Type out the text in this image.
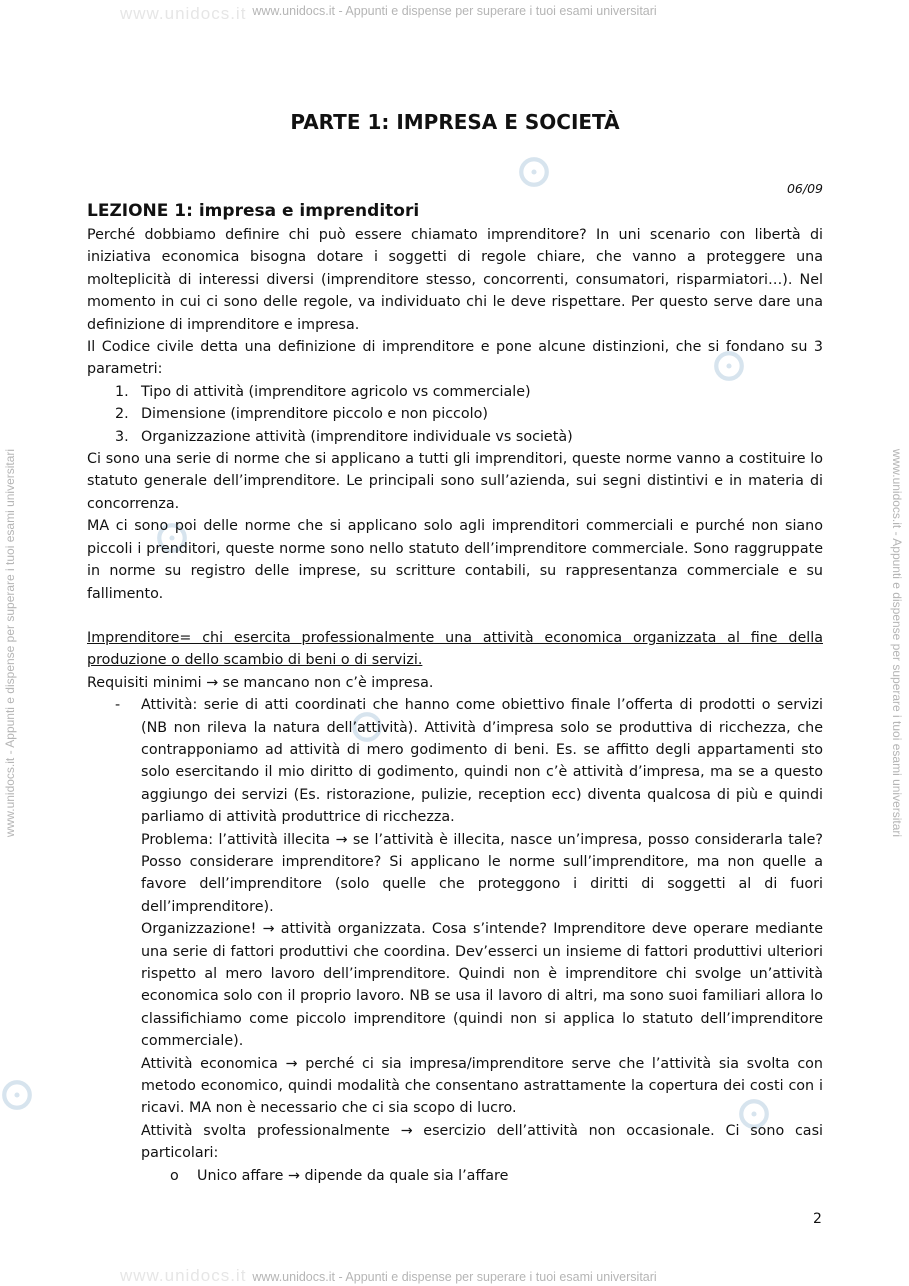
www.unidocs.it - Appunti e dispense per superare i tuoi esami universitari
www.unidocs.it - Appunti e dispense per superare i tuoi esami universitari
www.unidocs.it - Appunti e dispense per superare i tuoi esami universitari	www.unidocs.it - Appunti e dispense per superare i tuoi esami universitari
www.unidocs.it
www.unidocs.it
PARTE 1: IMPRESA E SOCIETÀ
06/09
LEZIONE 1: impresa e imprenditori

Perché dobbiamo definire chi può essere chiamato imprenditore? In uni scenario con libertà di iniziativa economica bisogna dotare i soggetti di regole chiare, che vanno a proteggere una molteplicità di interessi diversi (imprenditore stesso, concorrenti, consumatori, risparmiatori…). Nel momento in cui ci sono delle regole, va individuato chi le deve rispettare. Per questo serve dare una definizione di imprenditore e impresa.

Il Codice civile detta una definizione di imprenditore e pone alcune distinzioni, che si fondano su 3 parametri:

1. Tipo di attività (imprenditore agricolo vs commerciale)
2. Dimensione (imprenditore piccolo e non piccolo)
3. Organizzazione attività (imprenditore individuale vs società)

Ci sono una serie di norme che si applicano a tutti gli imprenditori, queste norme vanno a costituire lo statuto generale dell’imprenditore. Le principali sono sull’azienda, sui segni distintivi e in materia di concorrenza.

MA ci sono poi delle norme che si applicano solo agli imprenditori commerciali e purché non siano piccoli i prenditori, queste norme sono nello statuto dell’imprenditore commerciale. Sono raggruppate in norme su registro delle imprese, su scritture contabili, su rappresentanza commerciale e su fallimento.

Imprenditore= chi esercita professionalmente una attività economica organizzata al fine della produzione o dello scambio di beni o di servizi.

Requisiti minimi → se mancano non c’è impresa.

- Attività: serie di atti coordinati che hanno come obiettivo finale l’offerta di prodotti o servizi (NB non rileva la natura dell’attività). Attività d’impresa solo se produttiva di ricchezza, che contrapponiamo ad attività di mero godimento di beni. Es. se affitto degli appartamenti sto solo esercitando il mio diritto di godimento, quindi non c’è attività d’impresa, ma se a questo aggiungo dei servizi (Es. ristorazione, pulizie, reception ecc) diventa qualcosa di più e quindi parliamo di attività produttrice di ricchezza.

Problema: l’attività illecita → se l’attività è illecita, nasce un’impresa, posso considerarla tale? Posso considerare imprenditore? Si applicano le norme sull’imprenditore, ma non quelle a favore dell’imprenditore (solo quelle che proteggono i diritti di soggetti al di fuori dell’imprenditore).

Organizzazione! → attività organizzata. Cosa s’intende? Imprenditore deve operare mediante una serie di fattori produttivi che coordina. Dev’esserci un insieme di fattori produttivi ulteriori rispetto al mero lavoro dell’imprenditore. Quindi non è imprenditore chi svolge un’attività economica solo con il proprio lavoro. NB se usa il lavoro di altri, ma sono suoi familiari allora lo classifichiamo come piccolo imprenditore (quindi non si applica lo statuto dell’imprenditore commerciale).

Attività economica → perché ci sia impresa/imprenditore serve che l’attività sia svolta con metodo economico, quindi modalità che consentano astrattamente la copertura dei costi con i ricavi. MA non è necessario che ci sia scopo di lucro.

Attività svolta professionalmente → esercizio dell’attività non occasionale. Ci sono casi particolari:

o Unico affare → dipende da quale sia l’affare
2
